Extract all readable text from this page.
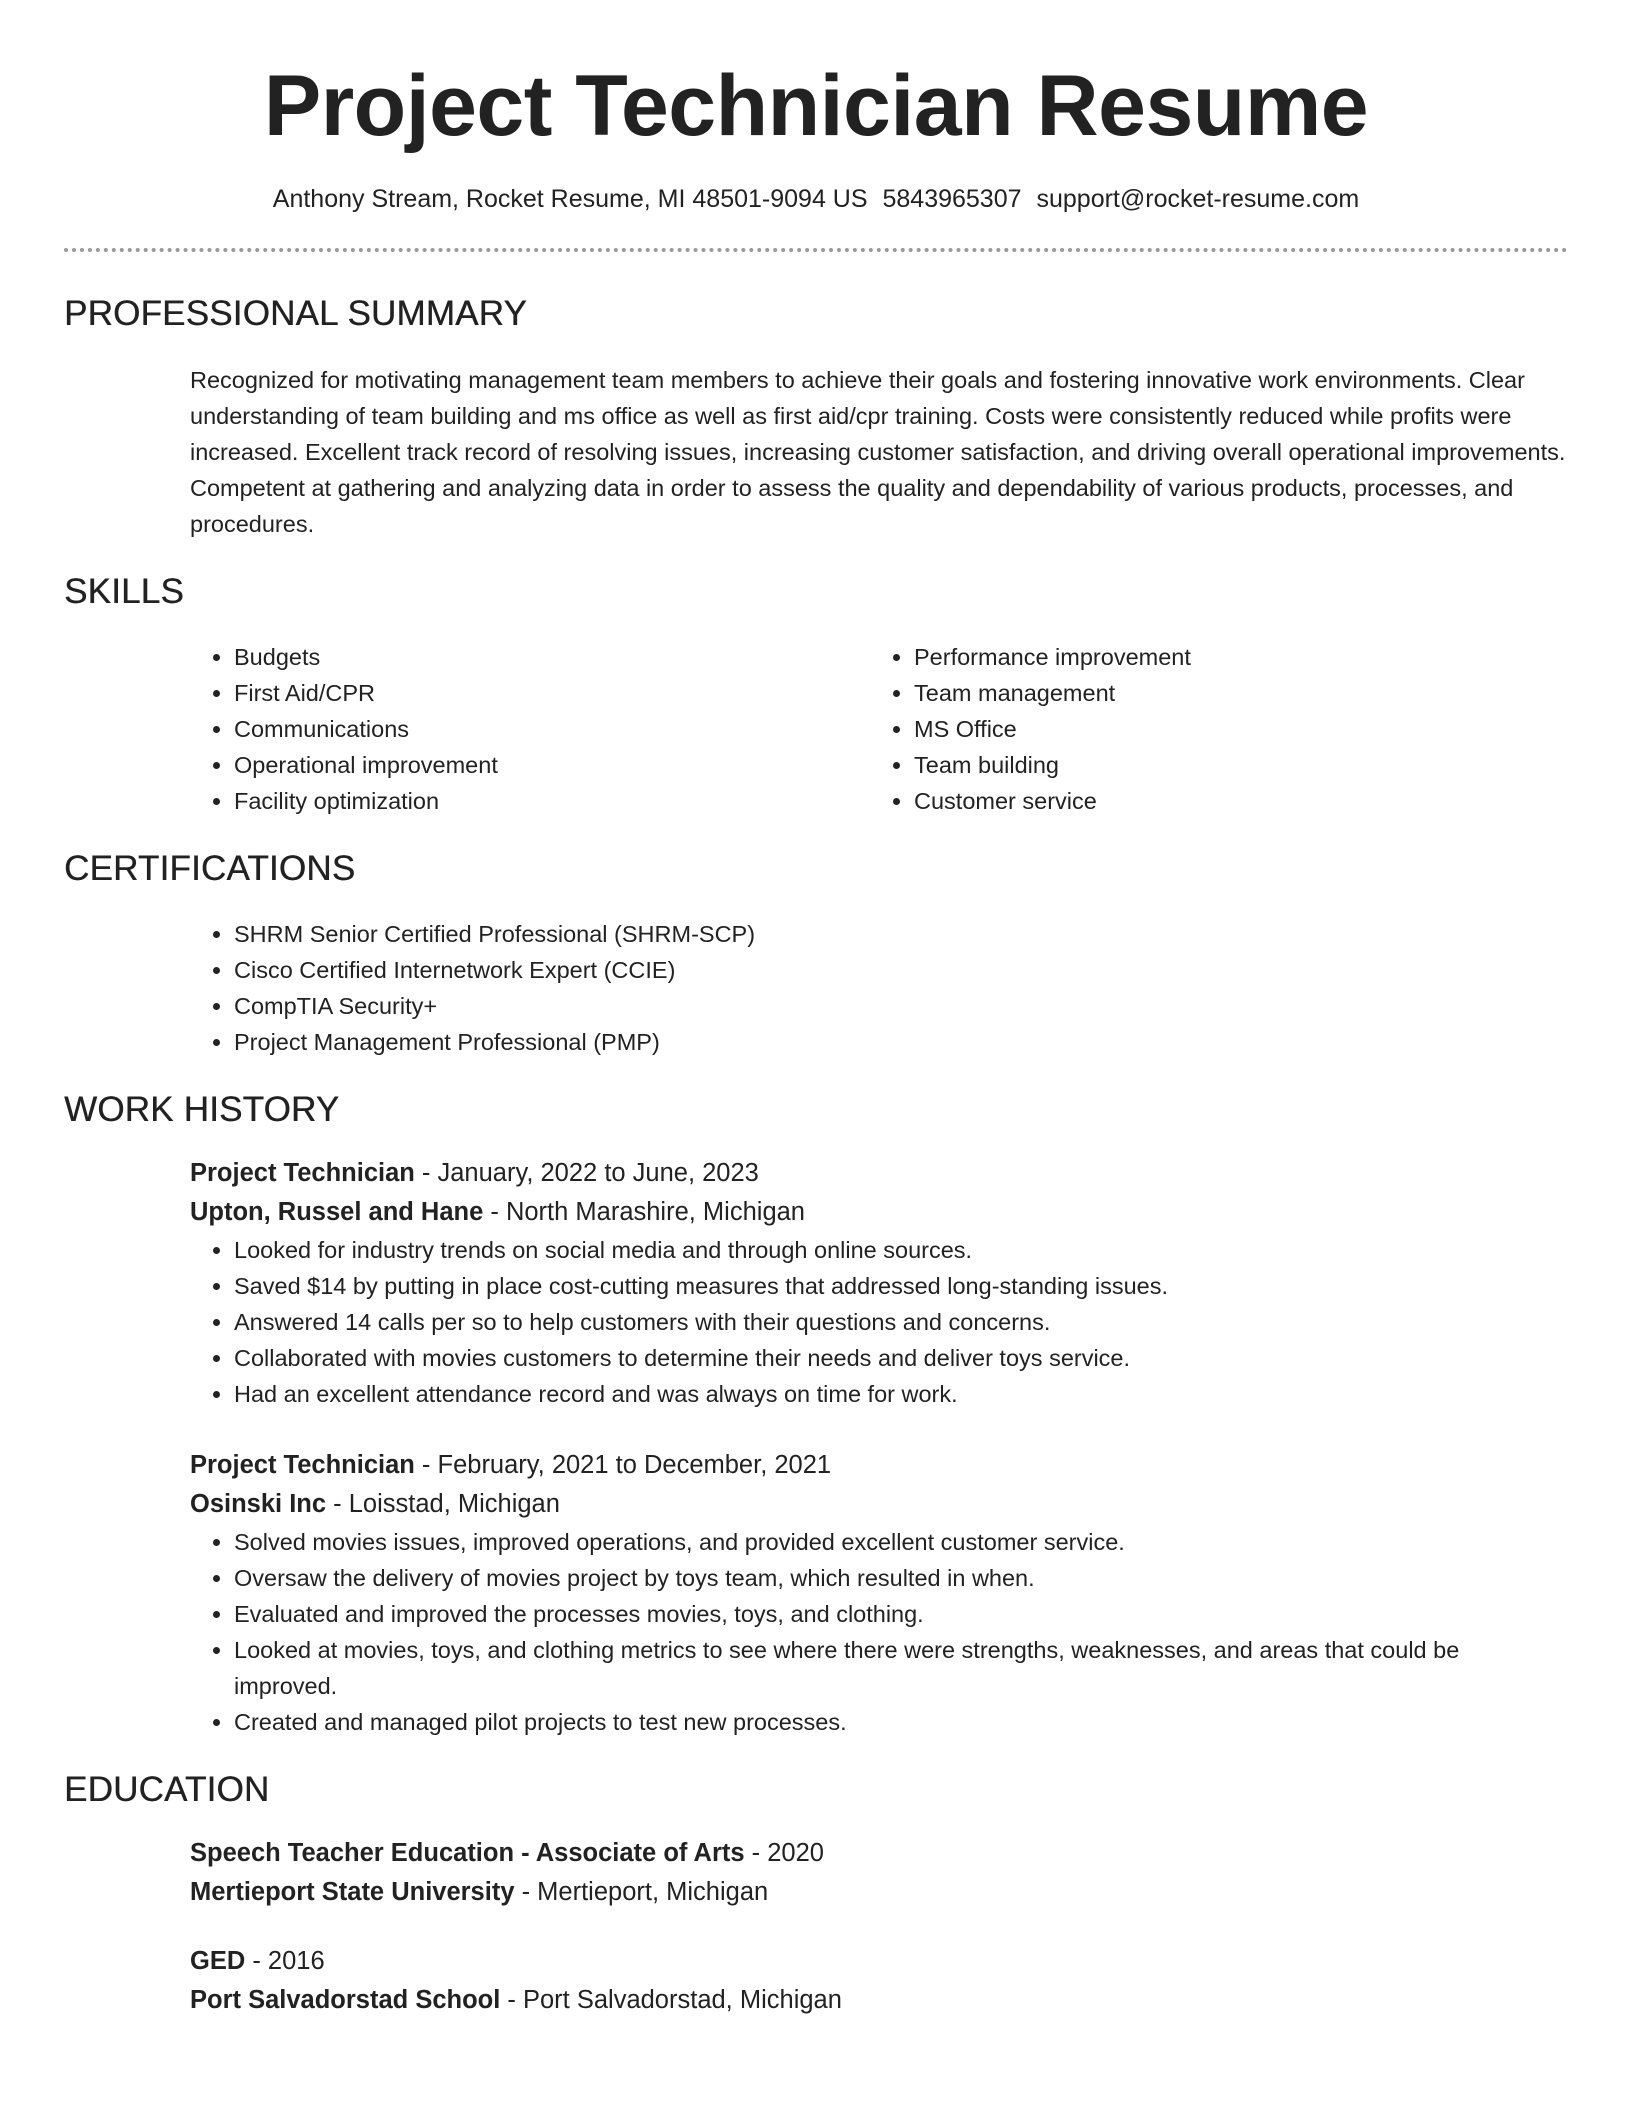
Project Technician Resume
Anthony Stream, Rocket Resume, MI 48501-9094 US 5843965307 support@rocket-resume.com
PROFESSIONAL SUMMARY
Recognized for motivating management team members to achieve their goals and fostering innovative work environments. Clear understanding of team building and ms office as well as first aid/cpr training. Costs were consistently reduced while profits were increased. Excellent track record of resolving issues, increasing customer satisfaction, and driving overall operational improvements. Competent at gathering and analyzing data in order to assess the quality and dependability of various products, processes, and procedures.
SKILLS
• Budgets
• First Aid/CPR
• Communications
• Operational improvement
• Facility optimization
• Performance improvement
• Team management
• MS Office
• Team building
• Customer service
CERTIFICATIONS
• SHRM Senior Certified Professional (SHRM-SCP)
• Cisco Certified Internetwork Expert (CCIE)
• CompTIA Security+
• Project Management Professional (PMP)
WORK HISTORY
Project Technician - January, 2022 to June, 2023
Upton, Russel and Hane - North Marashire, Michigan
• Looked for industry trends on social media and through online sources.
• Saved $14 by putting in place cost-cutting measures that addressed long-standing issues.
• Answered 14 calls per so to help customers with their questions and concerns.
• Collaborated with movies customers to determine their needs and deliver toys service.
• Had an excellent attendance record and was always on time for work.
Project Technician - February, 2021 to December, 2021
Osinski Inc - Loisstad, Michigan
• Solved movies issues, improved operations, and provided excellent customer service.
• Oversaw the delivery of movies project by toys team, which resulted in when.
• Evaluated and improved the processes movies, toys, and clothing.
• Looked at movies, toys, and clothing metrics to see where there were strengths, weaknesses, and areas that could be improved.
• Created and managed pilot projects to test new processes.
EDUCATION
Speech Teacher Education - Associate of Arts - 2020
Mertieport State University - Mertieport, Michigan
GED - 2016
Port Salvadorstad School - Port Salvadorstad, Michigan
